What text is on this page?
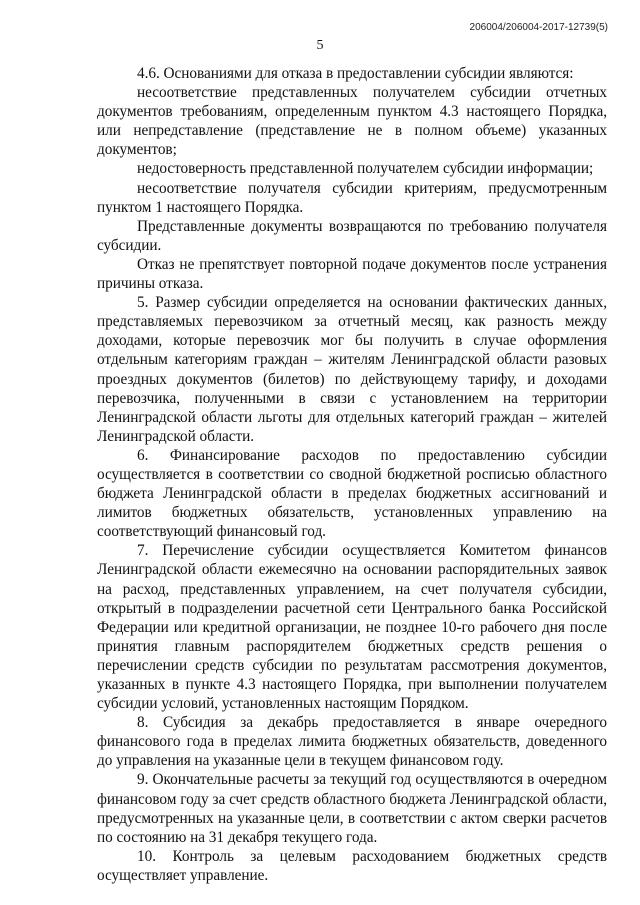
206004/206004-2017-12739(5)
5

4.6. Основаниями для отказа в предоставлении субсидии являются:

несоответствие представленных получателем субсидии отчетных документов требованиям, определенным пунктом 4.3 настоящего Порядка, или непредставление (представление не в полном объеме) указанных документов;

недостоверность представленной получателем субсидии информации;

несоответствие получателя субсидии критериям, предусмотренным пунктом 1 настоящего Порядка.

Представленные документы возвращаются по требованию получателя субсидии.

Отказ не препятствует повторной подаче документов после устранения причины отказа.

5. Размер субсидии определяется на основании фактических данных, представляемых перевозчиком за отчетный месяц, как разность между доходами, которые перевозчик мог бы получить в случае оформления отдельным категориям граждан – жителям Ленинградской области разовых проездных документов (билетов) по действующему тарифу, и доходами перевозчика, полученными в связи с установлением на территории Ленинградской области льготы для отдельных категорий граждан – жителей Ленинградской области.

6. Финансирование расходов по предоставлению субсидии осуществляется в соответствии со сводной бюджетной росписью областного бюджета Ленинградской области в пределах бюджетных ассигнований и лимитов бюджетных обязательств, установленных управлению на соответствующий финансовый год.

7. Перечисление субсидии осуществляется Комитетом финансов Ленинградской области ежемесячно на основании распорядительных заявок на расход, представленных управлением, на счет получателя субсидии, открытый в подразделении расчетной сети Центрального банка Российской Федерации или кредитной организации, не позднее 10-го рабочего дня после принятия главным распорядителем бюджетных средств решения о перечислении средств субсидии по результатам рассмотрения документов, указанных в пункте 4.3 настоящего Порядка, при выполнении получателем субсидии условий, установленных настоящим Порядком.

8. Субсидия за декабрь предоставляется в январе очередного финансового года в пределах лимита бюджетных обязательств, доведенного до управления на указанные цели в текущем финансовом году.

9. Окончательные расчеты за текущий год осуществляются в очередном финансовом году за счет средств областного бюджета Ленинградской области, предусмотренных на указанные цели, в соответствии с актом сверки расчетов по состоянию на 31 декабря текущего года.

10. Контроль за целевым расходованием бюджетных средств осуществляет управление.
